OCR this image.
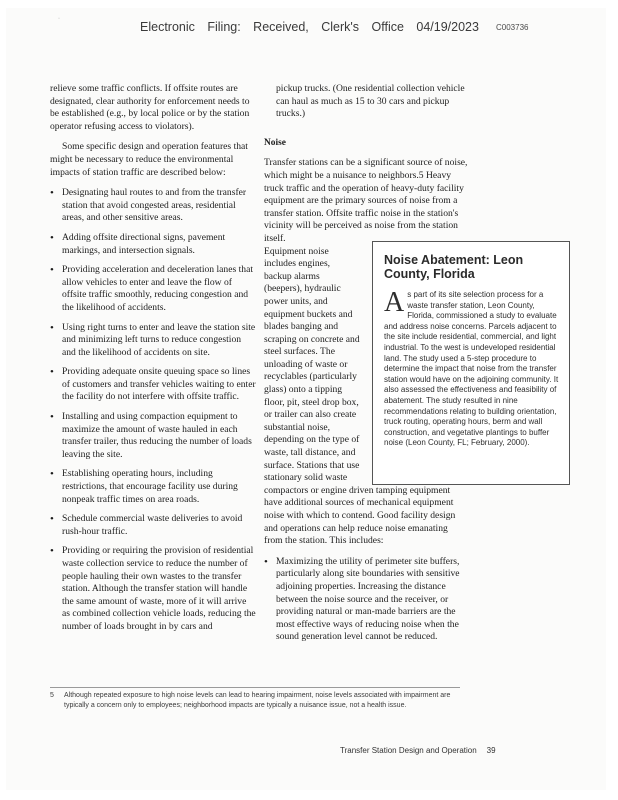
·
Electronic Filing: Received, Clerk's Office 04/19/2023 C003736

relieve some traffic conflicts. If offsite routes are designated, clear authority for enforcement needs to be established (e.g., by local police or by the station operator refusing access to violators).

Some specific design and operation features that might be necessary to reduce the environmental impacts of station traffic are described below:

• Designating haul routes to and from the transfer station that avoid congested areas, residential areas, and other sensitive areas.
• Adding offsite directional signs, pavement markings, and intersection signals.
• Providing acceleration and deceleration lanes that allow vehicles to enter and leave the flow of offsite traffic smoothly, reducing congestion and the likelihood of accidents.
• Using right turns to enter and leave the station site and minimizing left turns to reduce congestion and the likelihood of accidents on site.
• Providing adequate onsite queuing space so lines of customers and transfer vehicles waiting to enter the facility do not interfere with offsite traffic.
• Installing and using compaction equipment to maximize the amount of waste hauled in each transfer trailer, thus reducing the number of loads leaving the site.
• Establishing operating hours, including restrictions, that encourage facility use during nonpeak traffic times on area roads.
• Schedule commercial waste deliveries to avoid rush-hour traffic.
• Providing or requiring the provision of residential waste collection service to reduce the number of people hauling their own wastes to the transfer station. Although the transfer station will handle the same amount of waste, more of it will arrive as combined collection vehicle loads, reducing the number of loads brought in by cars and

pickup trucks. (One residential collection vehicle can haul as much as 15 to 30 cars and pickup trucks.)

Noise

Transfer stations can be a significant source of noise, which might be a nuisance to neighbors.5 Heavy truck traffic and the operation of heavy-duty facility equipment are the primary sources of noise from a transfer station. Offsite traffic noise in the station's vicinity will be perceived as noise from the station itself.

Equipment noise includes engines, backup alarms (beepers), hydraulic power units, and equipment buckets and blades banging and scraping on concrete and steel surfaces. The unloading of waste or recyclables (particularly glass) onto a tipping floor, pit, steel drop box, or trailer can also create substantial noise, depending on the type of waste, tall distance, and surface. Stations that use stationary solid waste

compactors or engine driven tamping equipment have additional sources of mechanical equipment noise with which to contend. Good facility design and operations can help reduce noise emanating from the station. This includes:

• Maximizing the utility of perimeter site buffers, particularly along site boundaries with sensitive adjoining properties. Increasing the distance between the noise source and the receiver, or providing natural or man-made barriers are the most effective ways of reducing noise when the sound generation level cannot be reduced.
Noise Abatement: Leon County, Florida
As part of its site selection process for a waste transfer station, Leon County, Florida, commissioned a study to evaluate and address noise concerns. Parcels adjacent to the site include residential, commercial, and light industrial. To the west is undeveloped residential land. The study used a 5-step procedure to determine the impact that noise from the transfer station would have on the adjoining community. It also assessed the effectiveness and feasibility of abatement. The study resulted in nine recommendations relating to building orientation, truck routing, operating hours, berm and wall construction, and vegetative plantings to buffer noise (Leon County, FL; February, 2000).
5 Although repeated exposure to high noise levels can lead to hearing impairment, noise levels associated with impairment are typically a concern only to employees; neighborhood impacts are typically a nuisance issue, not a health issue.
Transfer Station Design and Operation 39
